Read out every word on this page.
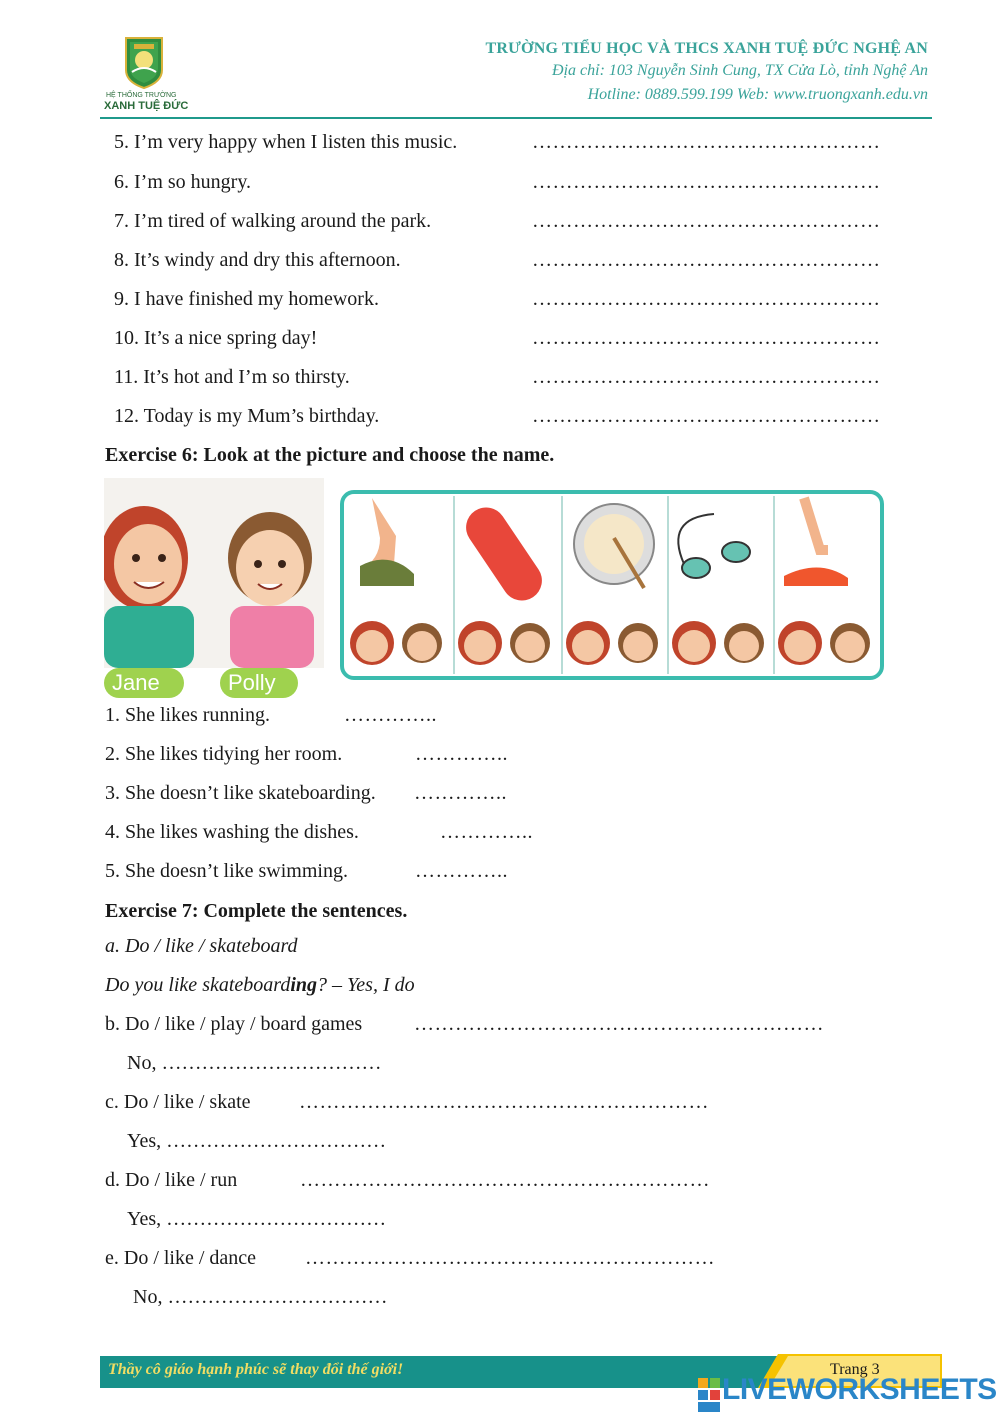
HỆ THỐNG TRƯỜNG
XANH TUỆ ĐỨC
TRƯỜNG TIỂU HỌC VÀ THCS XANH TUỆ ĐỨC NGHỆ AN
Địa chỉ: 103 Nguyễn Sinh Cung, TX Cửa Lò, tỉnh Nghệ An
Hotline: 0889.599.199 Web: www.truongxanh.edu.vn
5. I’m very happy when I listen this music.	……………………………………………
6. I’m so hungry.	……………………………………………
7. I’m tired of walking around the park.	……………………………………………
8. It’s windy and dry this afternoon.	……………………………………………
9. I have finished my homework.	……………………………………………
10. It’s a nice spring day!	……………………………………………
11. It’s hot and I’m so thirsty.	……………………………………………
12. Today is my Mum’s birthday.	……………………………………………
Exercise 6: Look at the picture and choose the name.
Jane	Polly
1. She likes running.	…………..
2. She likes tidying her room.	…………..
3. She doesn’t like skateboarding. …………..
4. She likes washing the dishes.	…………..
5. She doesn’t like swimming.	…………..
Exercise 7: Complete the sentences.
a. Do / like / skateboard
Do you like skateboarding? – Yes, I do
b. Do / like / play / board games	……………………………………………………
No, ……………………………
c. Do / like / skate ……………………………………………………
Yes, ……………………………
d. Do / like / run	……………………………………………………
Yes, ……………………………
e. Do / like / dance ……………………………………………………
No, ……………………………
Thầy cô giáo hạnh phúc sẽ thay đổi thế giới!	Trang 3
LIVEWORKSHEETS
